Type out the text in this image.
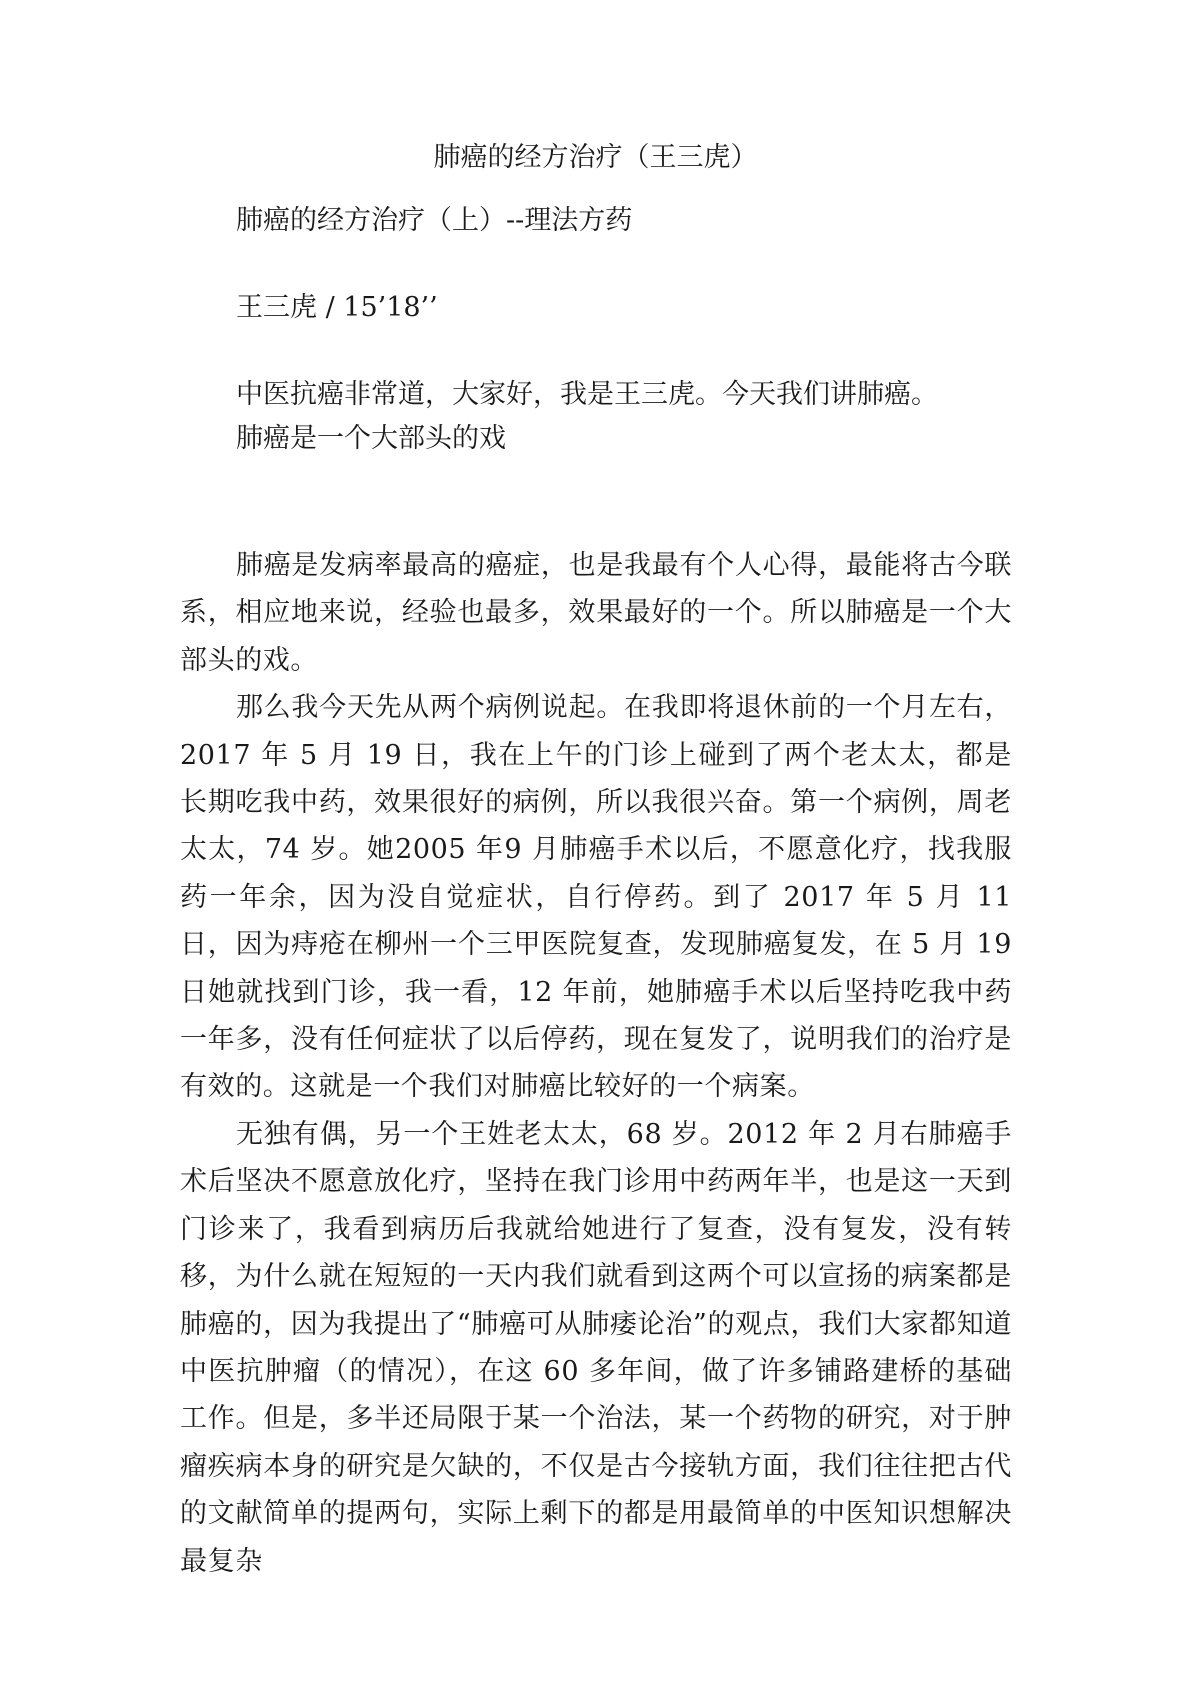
肺癌的经方治疗（王三虎）
肺癌的经方治疗（上）--理法方药
王三虎 / 15’18’’
中医抗癌非常道，大家好，我是王三虎。今天我们讲肺癌。
肺癌是一个大部头的戏

肺癌是发病率最高的癌症，也是我最有个人心得，最能将古今联系，相应地来说，经验也最多，效果最好的一个。所以肺癌是一个大部头的戏。

那么我今天先从两个病例说起。在我即将退休前的一个月左右，2017 年 5 月 19 日，我在上午的门诊上碰到了两个老太太，都是长期吃我中药，效果很好的病例，所以我很兴奋。第一个病例，周老太太，74 岁。她2005 年9 月肺癌手术以后，不愿意化疗，找我服药一年余，因为没自觉症状，自行停药。到了 2017 年 5 月 11 日，因为痔疮在柳州一个三甲医院复查，发现肺癌复发，在 5 月 19 日她就找到门诊，我一看，12 年前，她肺癌手术以后坚持吃我中药一年多，没有任何症状了以后停药，现在复发了，说明我们的治疗是有效的。这就是一个我们对肺癌比较好的一个病案。

无独有偶，另一个王姓老太太，68 岁。2012 年 2 月右肺癌手术后坚决不愿意放化疗，坚持在我门诊用中药两年半，也是这一天到门诊来了，我看到病历后我就给她进行了复查，没有复发，没有转移，为什么就在短短的一天内我们就看到这两个可以宣扬的病案都是肺癌的，因为我提出了“肺癌可从肺痿论治”的观点，我们大家都知道中医抗肿瘤（的情况），在这 60 多年间，做了许多铺路建桥的基础工作。但是，多半还局限于某一个治法，某一个药物的研究，对于肿瘤疾病本身的研究是欠缺的，不仅是古今接轨方面，我们往往把古代的文献简单的提两句，实际上剩下的都是用最简单的中医知识想解决最复杂
